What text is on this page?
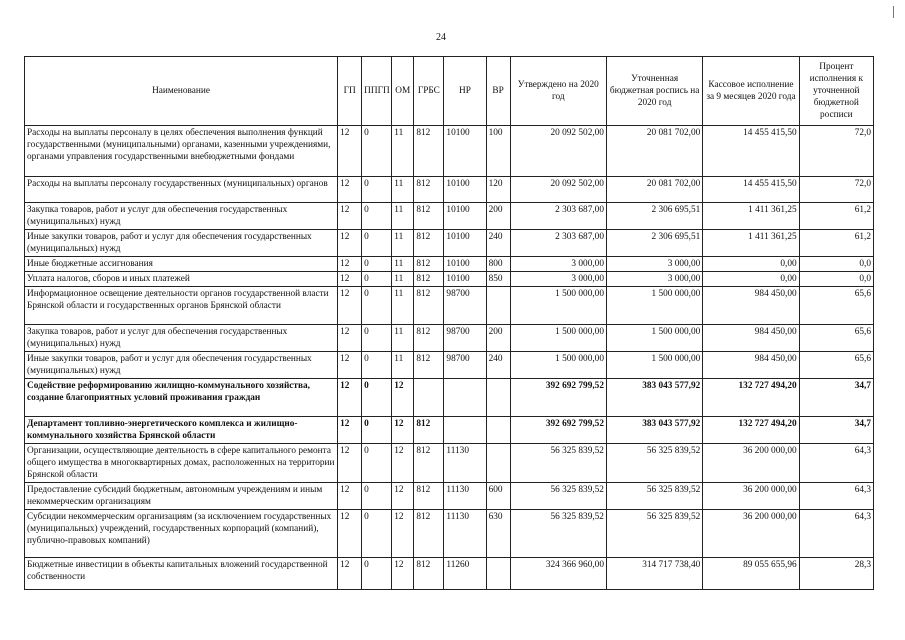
24
Наименование	ГП	ППГП	ОМ	ГРБС	НР	ВР	Утверждено на 2020 год	Уточненная бюджетная роспись на 2020 год	Кассовое исполнение за 9 месяцев 2020 года	Процент исполнения к уточненной бюджетной росписи
Расходы на выплаты персоналу в целях обеспечения выполнения функций государственными (муниципальными) органами, казенными учреждениями, органами управления государственными внебюджетными фондами	12	0	11	812	10100	100	20 092 502,00	20 081 702,00	14 455 415,50	72,0
Расходы на выплаты персоналу государственных (муниципальных) органов	12	0	11	812	10100	120	20 092 502,00	20 081 702,00	14 455 415,50	72,0
Закупка товаров, работ и услуг для обеспечения государственных (муниципальных) нужд	12	0	11	812	10100	200	2 303 687,00	2 306 695,51	1 411 361,25	61,2
Иные закупки товаров, работ и услуг для обеспечения государственных (муниципальных) нужд	12	0	11	812	10100	240	2 303 687,00	2 306 695,51	1 411 361,25	61,2
Иные бюджетные ассигнования	12	0	11	812	10100	800	3 000,00	3 000,00	0,00	0,0
Уплата налогов, сборов и иных платежей	12	0	11	812	10100	850	3 000,00	3 000,00	0,00	0,0
Информационное освещение деятельности органов государственной власти Брянской области и государственных органов Брянской области	12	0	11	812	98700		1 500 000,00	1 500 000,00	984 450,00	65,6
Закупка товаров, работ и услуг для обеспечения государственных (муниципальных) нужд	12	0	11	812	98700	200	1 500 000,00	1 500 000,00	984 450,00	65,6
Иные закупки товаров, работ и услуг для обеспечения государственных (муниципальных) нужд	12	0	11	812	98700	240	1 500 000,00	1 500 000,00	984 450,00	65,6
Содействие реформированию жилищно-коммунального хозяйства, создание благоприятных условий проживания граждан	12	0	12				392 692 799,52	383 043 577,92	132 727 494,20	34,7
Департамент топливно-энергетического комплекса и жилищно-коммунального хозяйства Брянской области	12	0	12	812			392 692 799,52	383 043 577,92	132 727 494,20	34,7
Организации, осуществляющие деятельность в сфере капитального ремонта общего имущества в многоквартирных домах, расположенных на территории Брянской области	12	0	12	812	11130		56 325 839,52	56 325 839,52	36 200 000,00	64,3
Предоставление субсидий бюджетным, автономным учреждениям и иным некоммерческим организациям	12	0	12	812	11130	600	56 325 839,52	56 325 839,52	36 200 000,00	64,3
Субсидии некоммерческим организациям (за исключением государственных (муниципальных) учреждений, государственных корпораций (компаний), публично-правовых компаний)	12	0	12	812	11130	630	56 325 839,52	56 325 839,52	36 200 000,00	64,3
Бюджетные инвестиции в объекты капитальных вложений государственной собственности	12	0	12	812	11260		324 366 960,00	314 717 738,40	89 055 655,96	28,3
